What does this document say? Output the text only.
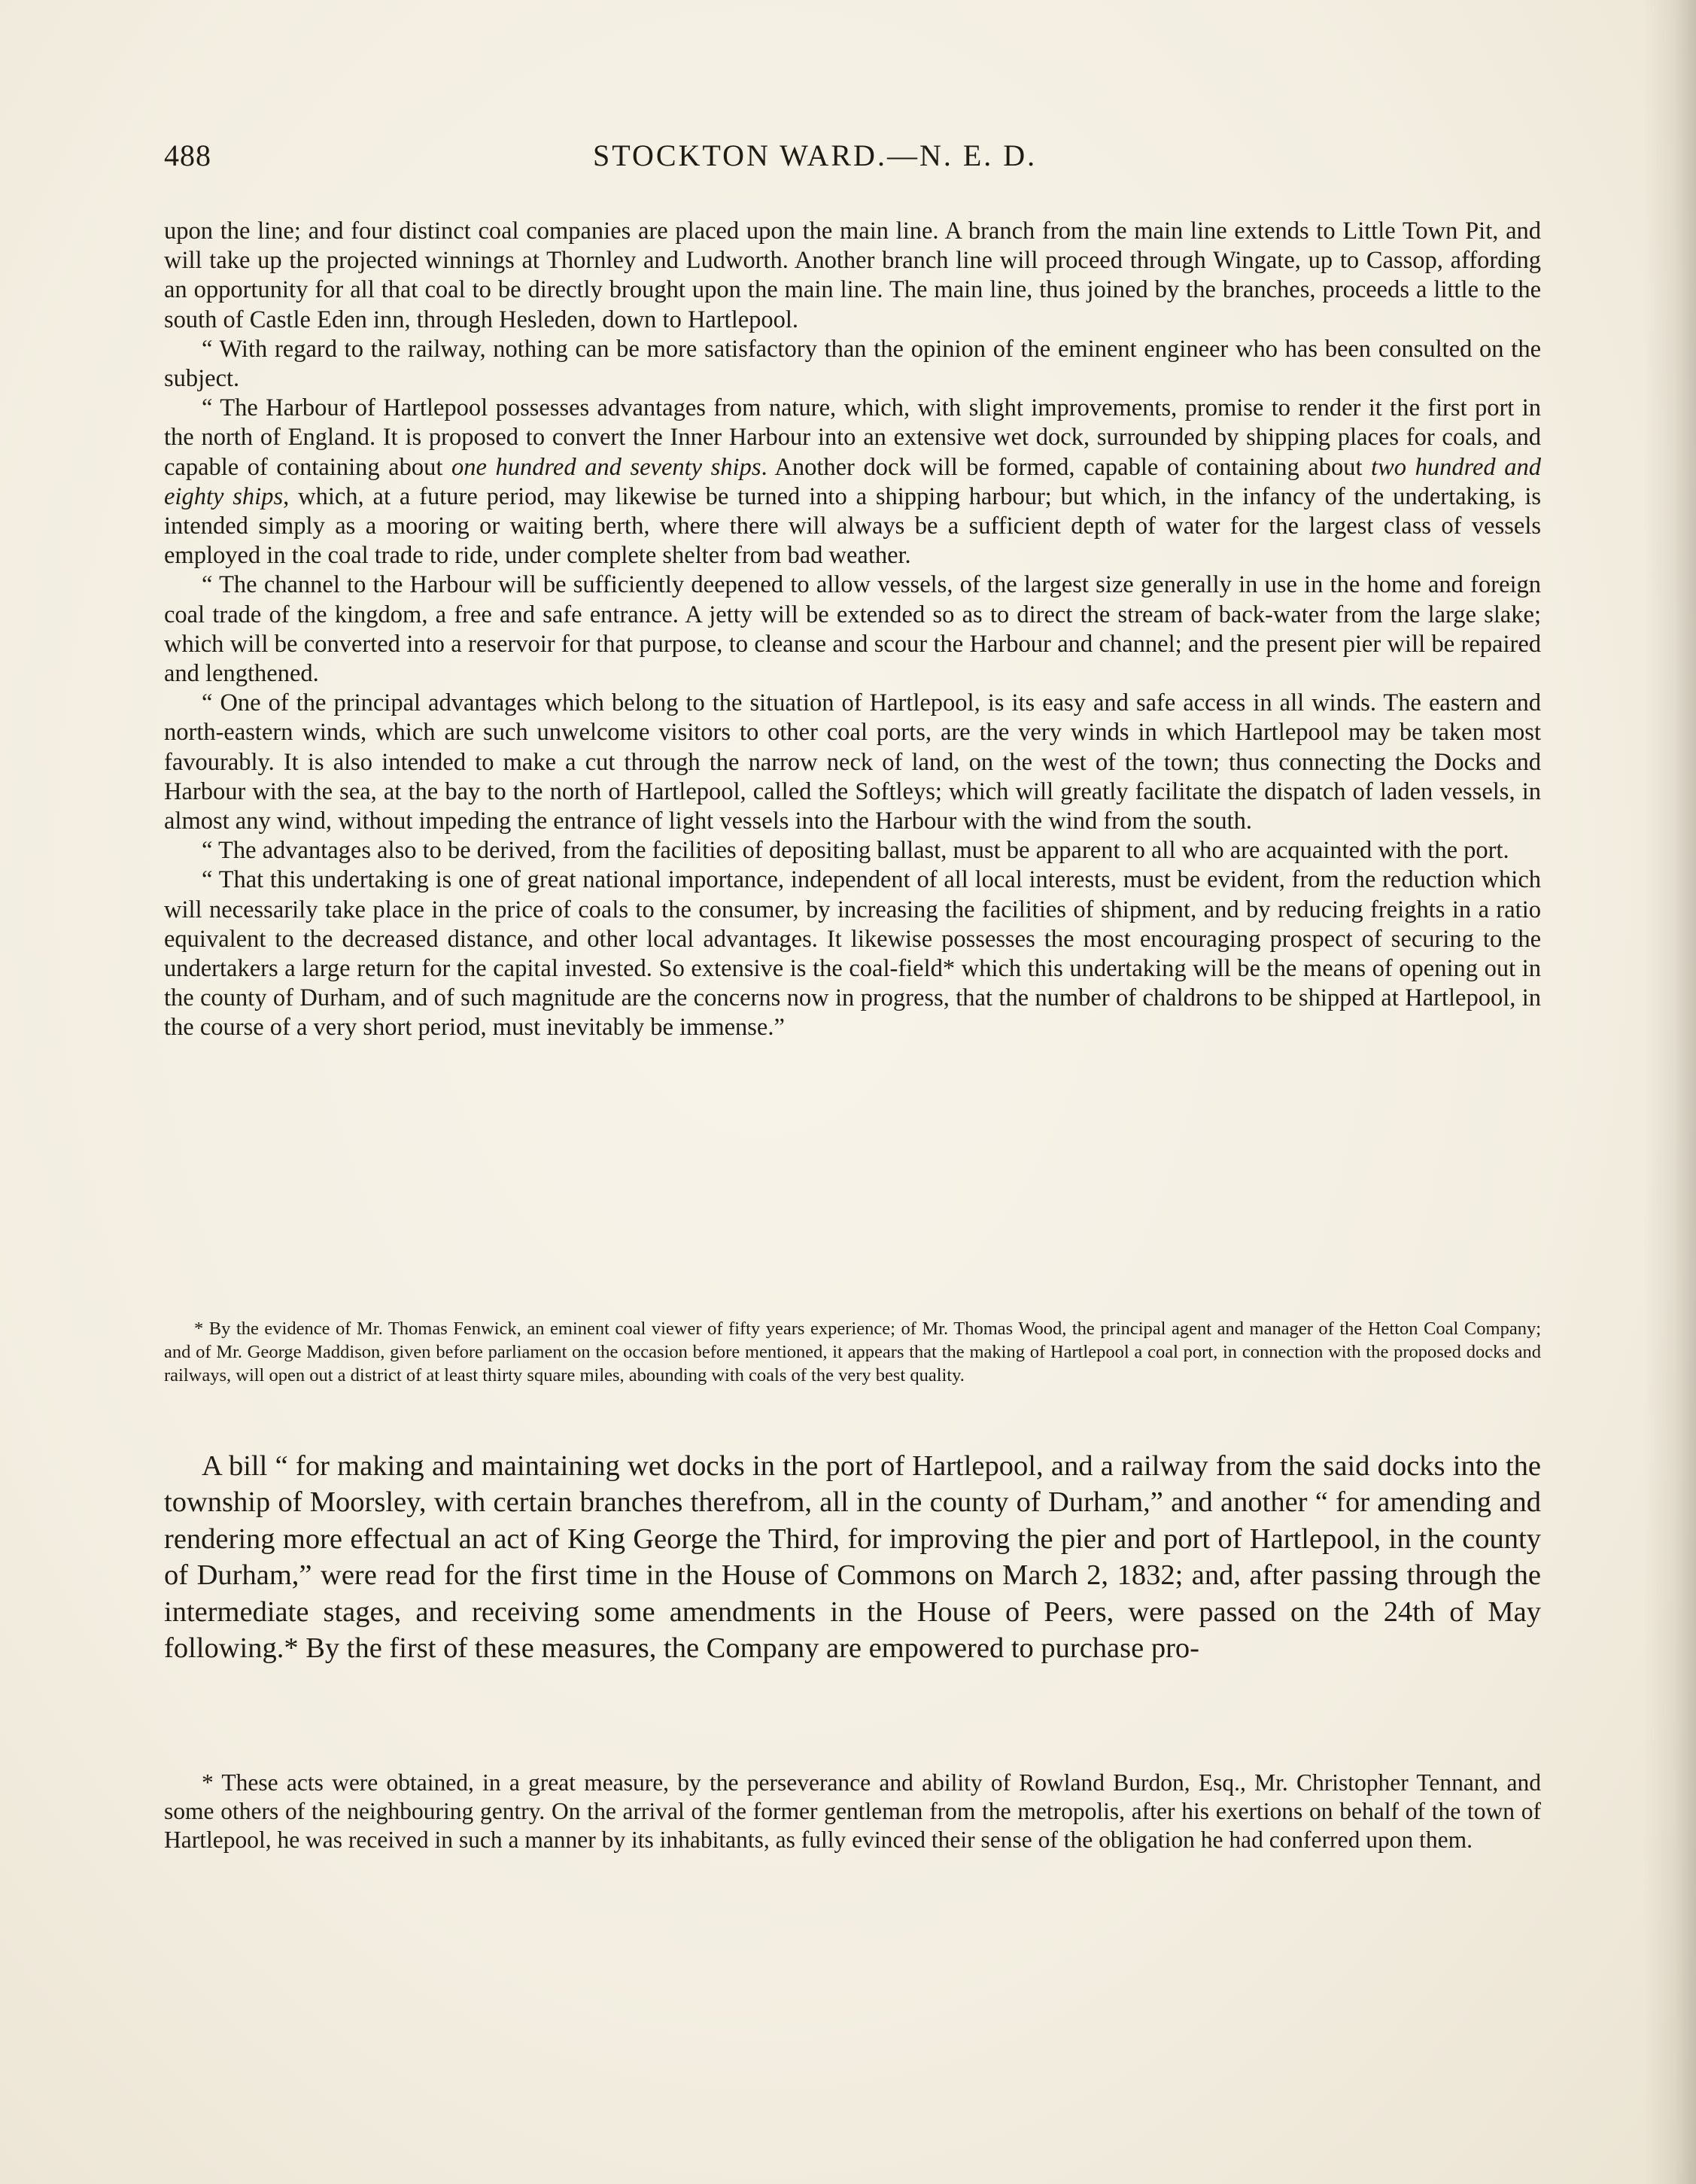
488	STOCKTON WARD.—N. E. D.

upon the line; and four distinct coal companies are placed upon the main line. A branch from the main line extends to Little Town Pit, and will take up the projected winnings at Thornley and Ludworth. Another branch line will proceed through Wingate, up to Cassop, affording an opportunity for all that coal to be directly brought upon the main line. The main line, thus joined by the branches, proceeds a little to the south of Castle Eden inn, through Hesleden, down to Hartlepool.

“ With regard to the railway, nothing can be more satisfactory than the opinion of the eminent engineer who has been consulted on the subject.

“ The Harbour of Hartlepool possesses advantages from nature, which, with slight improvements, promise to render it the first port in the north of England. It is proposed to convert the Inner Harbour into an extensive wet dock, surrounded by shipping places for coals, and capable of containing about one hundred and seventy ships. Another dock will be formed, capable of containing about two hundred and eighty ships, which, at a future period, may likewise be turned into a shipping harbour; but which, in the infancy of the undertaking, is intended simply as a mooring or waiting berth, where there will always be a sufficient depth of water for the largest class of vessels employed in the coal trade to ride, under complete shelter from bad weather.

“ The channel to the Harbour will be sufficiently deepened to allow vessels, of the largest size generally in use in the home and foreign coal trade of the kingdom, a free and safe entrance. A jetty will be extended so as to direct the stream of back-water from the large slake; which will be converted into a reservoir for that purpose, to cleanse and scour the Harbour and channel; and the present pier will be repaired and lengthened.

“ One of the principal advantages which belong to the situation of Hartlepool, is its easy and safe access in all winds. The eastern and north-eastern winds, which are such unwelcome visitors to other coal ports, are the very winds in which Hartlepool may be taken most favourably. It is also intended to make a cut through the narrow neck of land, on the west of the town; thus connecting the Docks and Harbour with the sea, at the bay to the north of Hartlepool, called the Softleys; which will greatly facilitate the dispatch of laden vessels, in almost any wind, without impeding the entrance of light vessels into the Harbour with the wind from the south.

“ The advantages also to be derived, from the facilities of depositing ballast, must be apparent to all who are acquainted with the port.

“ That this undertaking is one of great national importance, independent of all local interests, must be evident, from the reduction which will necessarily take place in the price of coals to the consumer, by increasing the facilities of shipment, and by reducing freights in a ratio equivalent to the decreased distance, and other local advantages. It likewise possesses the most encouraging prospect of securing to the undertakers a large return for the capital invested. So extensive is the coal-field* which this undertaking will be the means of opening out in the county of Durham, and of such magnitude are the concerns now in progress, that the number of chaldrons to be shipped at Hartlepool, in the course of a very short period, must inevitably be immense.”

* By the evidence of Mr. Thomas Fenwick, an eminent coal viewer of fifty years experience; of Mr. Thomas Wood, the principal agent and manager of the Hetton Coal Company; and of Mr. George Maddison, given before parliament on the occasion before mentioned, it appears that the making of Hartlepool a coal port, in connection with the proposed docks and railways, will open out a district of at least thirty square miles, abounding with coals of the very best quality.

A bill “ for making and maintaining wet docks in the port of Hartlepool, and a railway from the said docks into the township of Moorsley, with certain branches therefrom, all in the county of Durham,” and another “ for amending and rendering more effectual an act of King George the Third, for improving the pier and port of Hartlepool, in the county of Durham,” were read for the first time in the House of Commons on March 2, 1832; and, after passing through the intermediate stages, and receiving some amendments in the House of Peers, were passed on the 24th of May following.* By the first of these measures, the Company are empowered to purchase pro-

* These acts were obtained, in a great measure, by the perseverance and ability of Rowland Burdon, Esq., Mr. Christopher Tennant, and some others of the neighbouring gentry. On the arrival of the former gentleman from the metropolis, after his exertions on behalf of the town of Hartlepool, he was received in such a manner by its inhabitants, as fully evinced their sense of the obligation he had conferred upon them.
